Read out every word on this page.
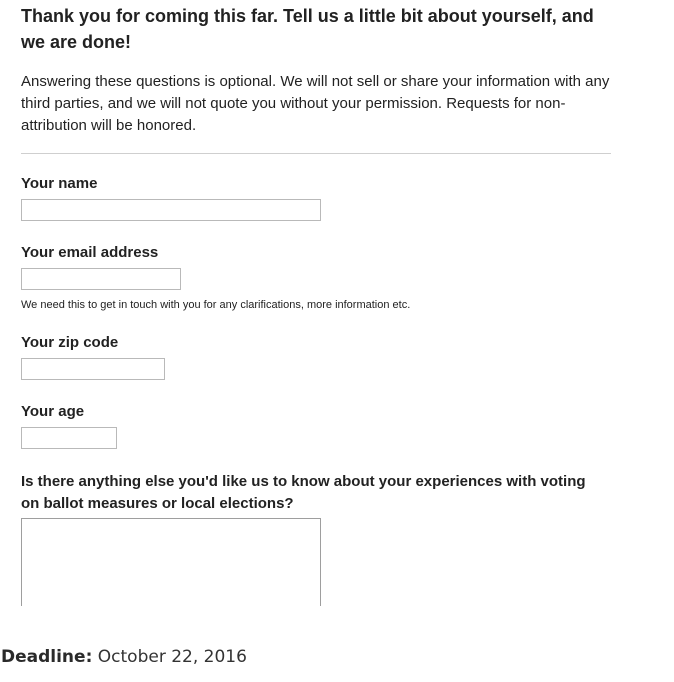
Thank you for coming this far. Tell us a little bit about yourself, and we are done!
Answering these questions is optional. We will not sell or share your information with any third parties, and we will not quote you without your permission. Requests for non-attribution will be honored.
Your name
Your email address
We need this to get in touch with you for any clarifications, more information etc.
Your zip code
Your age
Is there anything else you'd like us to know about your experiences with voting on ballot measures or local elections?
Deadline: October 22, 2016
